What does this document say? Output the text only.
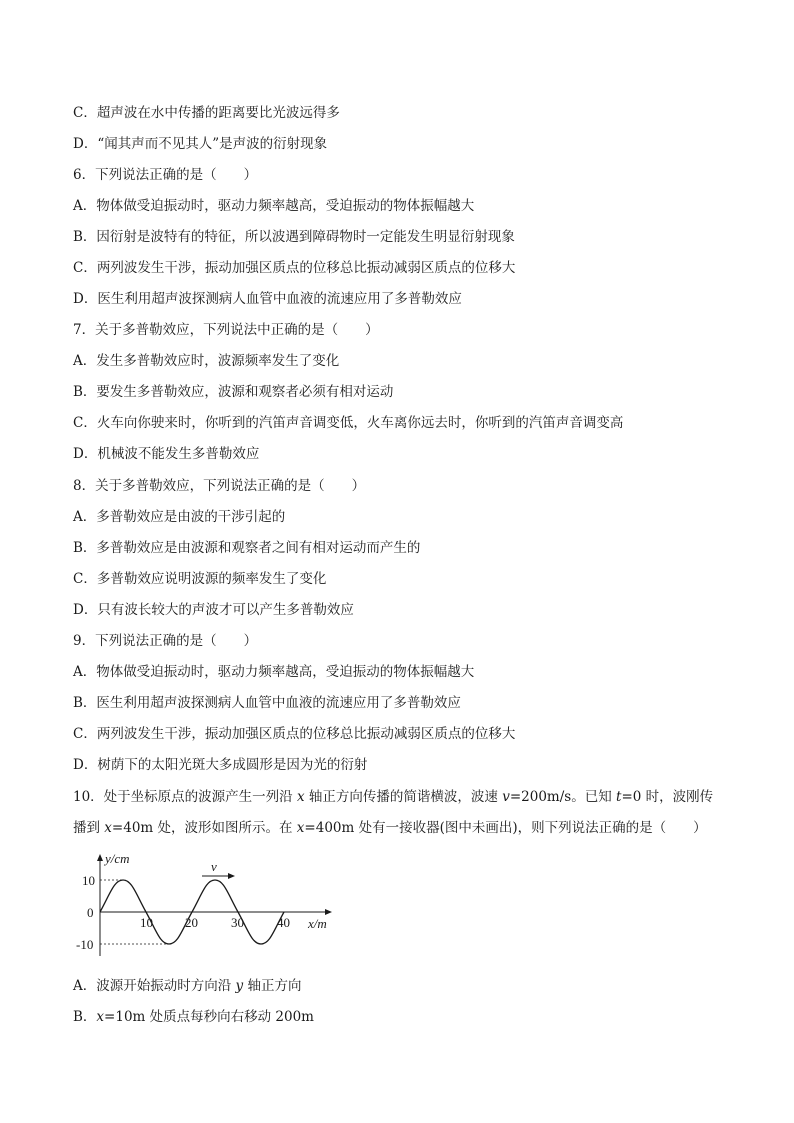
C．超声波在水中传播的距离要比光波远得多
D．“闻其声而不见其人”是声波的衍射现象
6．下列说法正确的是（　　）
A．物体做受迫振动时，驱动力频率越高，受迫振动的物体振幅越大
B．因衍射是波特有的特征，所以波遇到障碍物时一定能发生明显衍射现象
C．两列波发生干涉，振动加强区质点的位移总比振动减弱区质点的位移大
D．医生利用超声波探测病人血管中血液的流速应用了多普勒效应
7．关于多普勒效应，下列说法中正确的是（　　）
A．发生多普勒效应时，波源频率发生了变化
B．要发生多普勒效应，波源和观察者必须有相对运动
C．火车向你驶来时，你听到的汽笛声音调变低，火车离你远去时，你听到的汽笛声音调变高
D．机械波不能发生多普勒效应
8．关于多普勒效应，下列说法正确的是（　　）
A．多普勒效应是由波的干涉引起的
B．多普勒效应是由波源和观察者之间有相对运动而产生的
C．多普勒效应说明波源的频率发生了变化
D．只有波长较大的声波才可以产生多普勒效应
9．下列说法正确的是（　　）
A．物体做受迫振动时，驱动力频率越高，受迫振动的物体振幅越大
B．医生利用超声波探测病人血管中血液的流速应用了多普勒效应
C．两列波发生干涉，振动加强区质点的位移总比振动减弱区质点的位移大
D．树荫下的太阳光斑大多成圆形是因为光的衍射
10．处于坐标原点的波源产生一列沿 x 轴正方向传播的简谐横波，波速 v=200m/s。已知 t=0 时，波刚传播到 x=40m 处，波形如图所示。在 x=400m 处有一接收器(图中未画出)，则下列说法正确的是（　　）
v
y/cm
x/m
10
0
-10
10 20	30	40
A．波源开始振动时方向沿 y 轴正方向
B．x=10m 处质点每秒向右移动 200m
